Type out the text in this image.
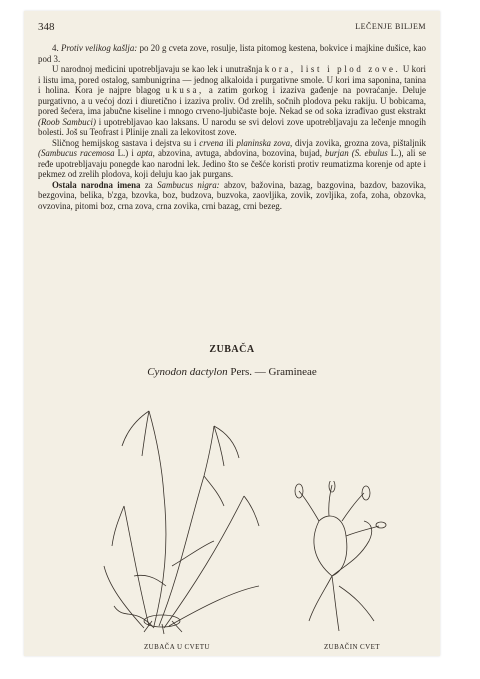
348	LEČENJE BILJEM

4. Protiv velikog kašlja: po 20 g cveta zove, rosulje, lista pitomog kestena, bokvice i majkine dušice, kao pod 3.

U narodnoj medicini upotrebljavaju se kao lek i unutrašnja kora, list i plod zove. U kori i listu ima, pored ostalog, sambunigrina — jednog alkaloida i purgativne smole. U kori ima saponina, tanina i holina. Kora je najpre blagog ukusa, a zatim gorkog i izaziva gađenje na povraćanje. Deluje purgativno, a u većoj dozi i diuretično i izaziva proliv. Od zrelih, sočnih plodova peku rakiju. U bobicama, pored šećera, ima jabučne kiseline i mnogo crveno-ljubičaste boje. Nekad se od soka izrađivao gust ekstrakt (Roob Sambuci) i upotrebljavao kao laksans. U narodu se svi delovi zove upotrebljavaju za lečenje mnogih bolesti. Još su Teofrast i Plinije znali za lekovitost zove.

Sličnog hemijskog sastava i dejstva su i crvena ili planinska zova, divja zovika, grozna zova, pištaljnik (Sambucus racemosa L.) i apta, abzovina, avtuga, abdovina, bozovina, bujad, burjan (S. ebulus L.), ali se ređe upotrebljavaju ponegde kao narodni lek. Jedino što se češće koristi protiv reumatizma korenje od apte i pekmez od zrelih plodova, koji deluju kao jak purgans.

Ostala narodna imena za Sambucus nigra: abzov, bažovina, bazag, bazgovina, bazdov, bazovika, bezgovina, belika, b'zga, bzovka, boz, budzova, buzvoka, zaovljika, zovik, zovljika, zofa, zoha, obzovka, ovzovina, pitomi boz, crna zova, crna zovika, crni bazag, crni bezeg.

ZUBAČA
Cynodon dactylon Pers. — Gramineae
ZUBAČA U CVETU	ZUBAČIN CVET
